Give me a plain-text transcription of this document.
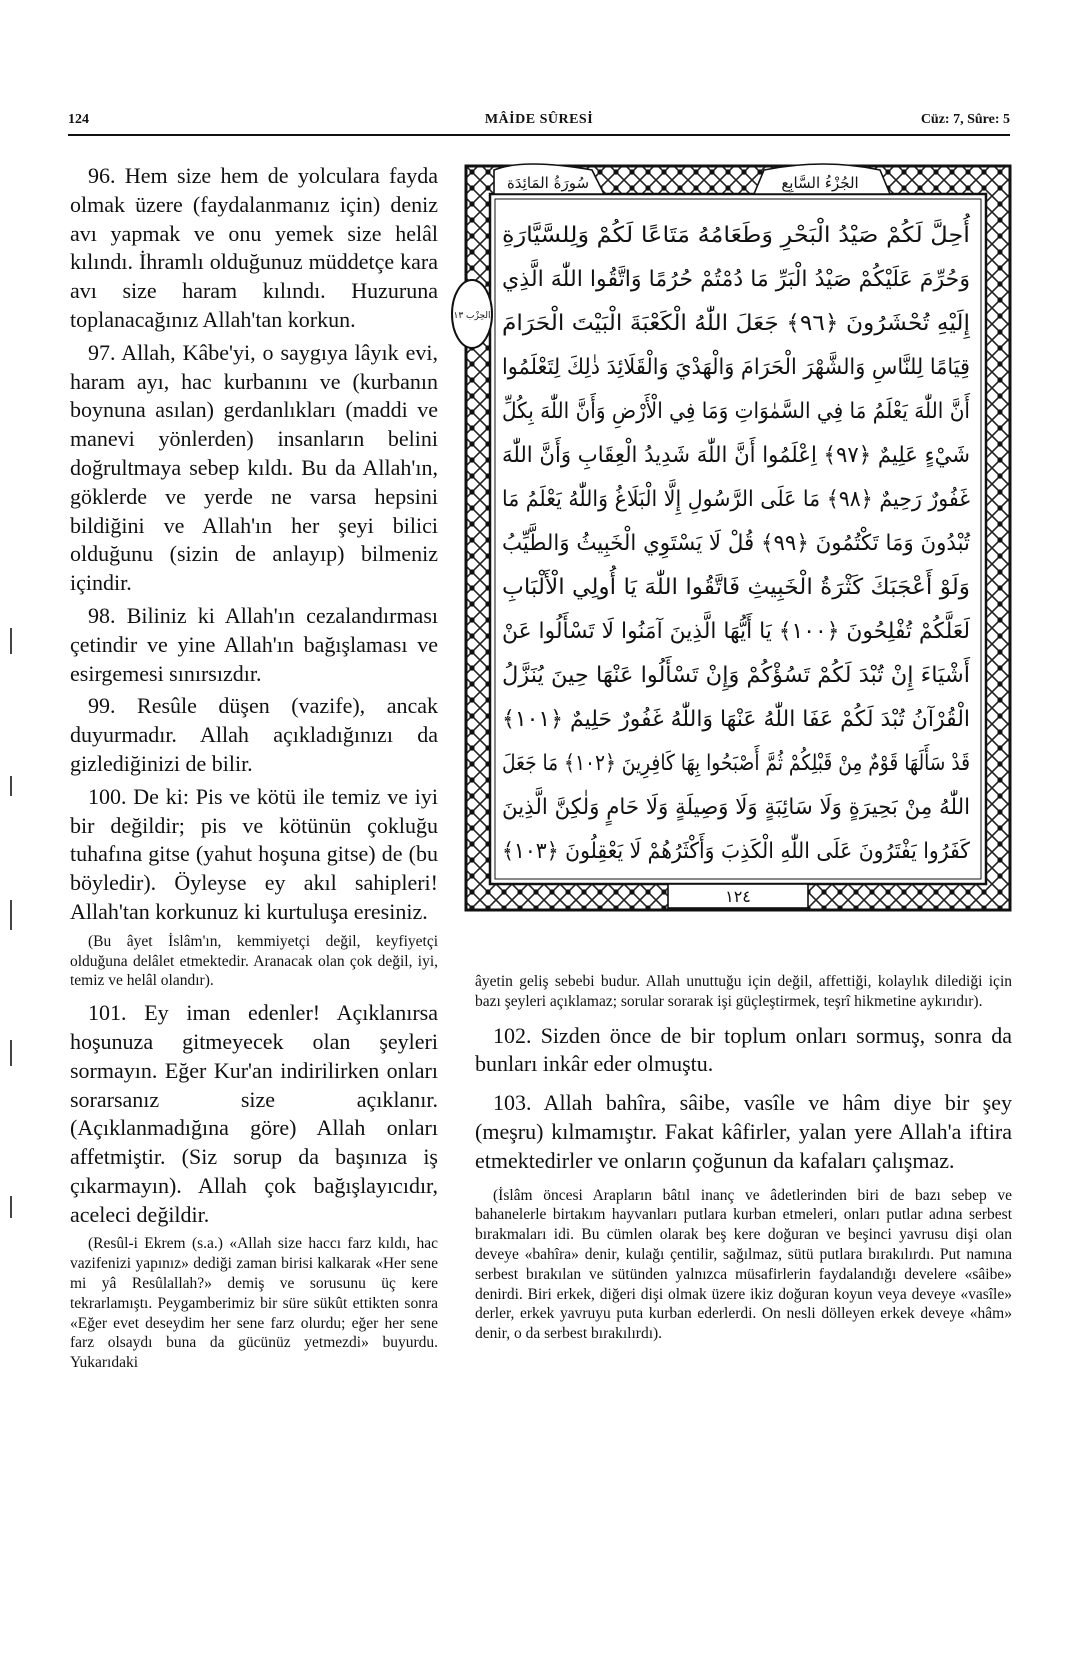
124	MÂİDE SÛRESİ	Cüz: 7, Sûre: 5

96. Hem size hem de yolculara fayda olmak üzere (faydalanmanız için) deniz avı yapmak ve onu yemek size helâl kılındı. İhramlı olduğunuz müddetçe kara avı size haram kılındı. Huzuruna toplanacağınız Allah'tan korkun.

97. Allah, Kâbe'yi, o saygıya lâyık evi, haram ayı, hac kurbanını ve (kurbanın boynuna asılan) gerdanlıkları (maddi ve manevi yönlerden) insanların belini doğrultmaya sebep kıldı. Bu da Allah'ın, göklerde ve yerde ne varsa hepsini bildiğini ve Allah'ın her şeyi bilici olduğunu (sizin de anlayıp) bilmeniz içindir.

98. Biliniz ki Allah'ın cezalandırması çetindir ve yine Allah'ın bağışlaması ve esirgemesi sınırsızdır.

99. Resûle düşen (vazife), ancak duyurmadır. Allah açıkladığınızı da gizlediğinizi de bilir.

100. De ki: Pis ve kötü ile temiz ve iyi bir değildir; pis ve kötünün çokluğu tuhafına gitse (yahut hoşuna gitse) de (bu böyledir). Öyleyse ey akıl sahipleri! Allah'tan korkunuz ki kurtuluşa eresiniz.

(Bu âyet İslâm'ın, kemmiyetçi değil, keyfiyetçi olduğuna delâlet etmektedir. Aranacak olan çok değil, iyi, temiz ve helâl olandır).

101. Ey iman edenler! Açıklanırsa hoşunuza gitmeyecek olan şeyleri sormayın. Eğer Kur'an indirilirken onları sorarsanız size açıklanır. (Açıklanmadığına göre) Allah onları affetmiştir. (Siz sorup da başınıza iş çıkarmayın). Allah çok bağışlayıcıdır, aceleci değildir.

(Resûl-i Ekrem (s.a.) «Allah size haccı farz kıldı, hac vazifenizi yapınız» dediği zaman birisi kalkarak «Her sene mi yâ Resûlallah?» demiş ve sorusunu üç kere tekrarlamıştı. Peygamberimiz bir süre sükût ettikten sonra «Eğer evet deseydim her sene farz olurdu; eğer her sene farz olsaydı buna da gücünüz yetmezdi» buyurdu. Yukarıdaki

سُورَةُ المَائِدَة	الجُزْءُ السَّابِع
١٢٤
الحِزْب ١٣
أُحِلَّ لَكُمْ صَيْدُ الْبَحْرِ وَطَعَامُهُ مَتَاعًا لَكُمْ وَلِلسَّيَّارَةِ
وَحُرِّمَ عَلَيْكُمْ صَيْدُ الْبَرِّ مَا دُمْتُمْ حُرُمًا وَاتَّقُوا اللّٰهَ الَّذِي
إِلَيْهِ تُحْشَرُونَ ﴿٩٦﴾ جَعَلَ اللّٰهُ الْكَعْبَةَ الْبَيْتَ الْحَرَامَ
قِيَامًا لِلنَّاسِ وَالشَّهْرَ الْحَرَامَ وَالْهَدْيَ وَالْقَلَائِدَ ذٰلِكَ لِتَعْلَمُوا
أَنَّ اللّٰهَ يَعْلَمُ مَا فِي السَّمٰوَاتِ وَمَا فِي الْأَرْضِ وَأَنَّ اللّٰهَ بِكُلِّ
شَيْءٍ عَلِيمٌ ﴿٩٧﴾ اِعْلَمُوا أَنَّ اللّٰهَ شَدِيدُ الْعِقَابِ وَأَنَّ اللّٰهَ
غَفُورٌ رَحِيمٌ ﴿٩٨﴾ مَا عَلَى الرَّسُولِ إِلَّا الْبَلَاغُ وَاللّٰهُ يَعْلَمُ مَا
تُبْدُونَ وَمَا تَكْتُمُونَ ﴿٩٩﴾ قُلْ لَا يَسْتَوِي الْخَبِيثُ وَالطَّيِّبُ
وَلَوْ أَعْجَبَكَ كَثْرَةُ الْخَبِيثِ فَاتَّقُوا اللّٰهَ يَا أُولِي الْأَلْبَابِ
لَعَلَّكُمْ تُفْلِحُونَ ﴿١٠٠﴾ يَا أَيُّهَا الَّذِينَ آمَنُوا لَا تَسْأَلُوا عَنْ
أَشْيَاءَ إِنْ تُبْدَ لَكُمْ تَسُؤْكُمْ وَإِنْ تَسْأَلُوا عَنْهَا حِينَ يُنَزَّلُ
الْقُرْآنُ تُبْدَ لَكُمْ عَفَا اللّٰهُ عَنْهَا وَاللّٰهُ غَفُورٌ حَلِيمٌ ﴿١٠١﴾
قَدْ سَأَلَهَا قَوْمٌ مِنْ قَبْلِكُمْ ثُمَّ أَصْبَحُوا بِهَا كَافِرِينَ ﴿١٠٢﴾ مَا جَعَلَ
اللّٰهُ مِنْ بَحِيرَةٍ وَلَا سَائِبَةٍ وَلَا وَصِيلَةٍ وَلَا حَامٍ وَلٰكِنَّ الَّذِينَ
كَفَرُوا يَفْتَرُونَ عَلَى اللّٰهِ الْكَذِبَ وَأَكْثَرُهُمْ لَا يَعْقِلُونَ ﴿١٠٣﴾

âyetin geliş sebebi budur. Allah unuttuğu için değil, affettiği, kolaylık dilediği için bazı şeyleri açıklamaz; sorular sorarak işi güçleştirmek, teşrî hikmetine aykırıdır).

102. Sizden önce de bir toplum onları sormuş, sonra da bunları inkâr eder olmuştu.

103. Allah bahîra, sâibe, vasîle ve hâm diye bir şey (meşru) kılmamıştır. Fakat kâfirler, yalan yere Allah'a iftira etmektedirler ve onların çoğunun da kafaları çalışmaz.

(İslâm öncesi Arapların bâtıl inanç ve âdetlerinden biri de bazı sebep ve bahanelerle birtakım hayvanları putlara kurban etmeleri, onları putlar adına serbest bırakmaları idi. Bu cümlen olarak beş kere doğuran ve beşinci yavrusu dişi olan deveye «bahîra» denir, kulağı çentilir, sağılmaz, sütü putlara bırakılırdı. Put namına serbest bırakılan ve sütünden yalnızca müsafirlerin faydalandığı develere «sâibe» denirdi. Biri erkek, diğeri dişi olmak üzere ikiz doğuran koyun veya deveye «vasîle» derler, erkek yavruyu puta kurban ederlerdi. On nesli dölleyen erkek deveye «hâm» denir, o da serbest bırakılırdı).
